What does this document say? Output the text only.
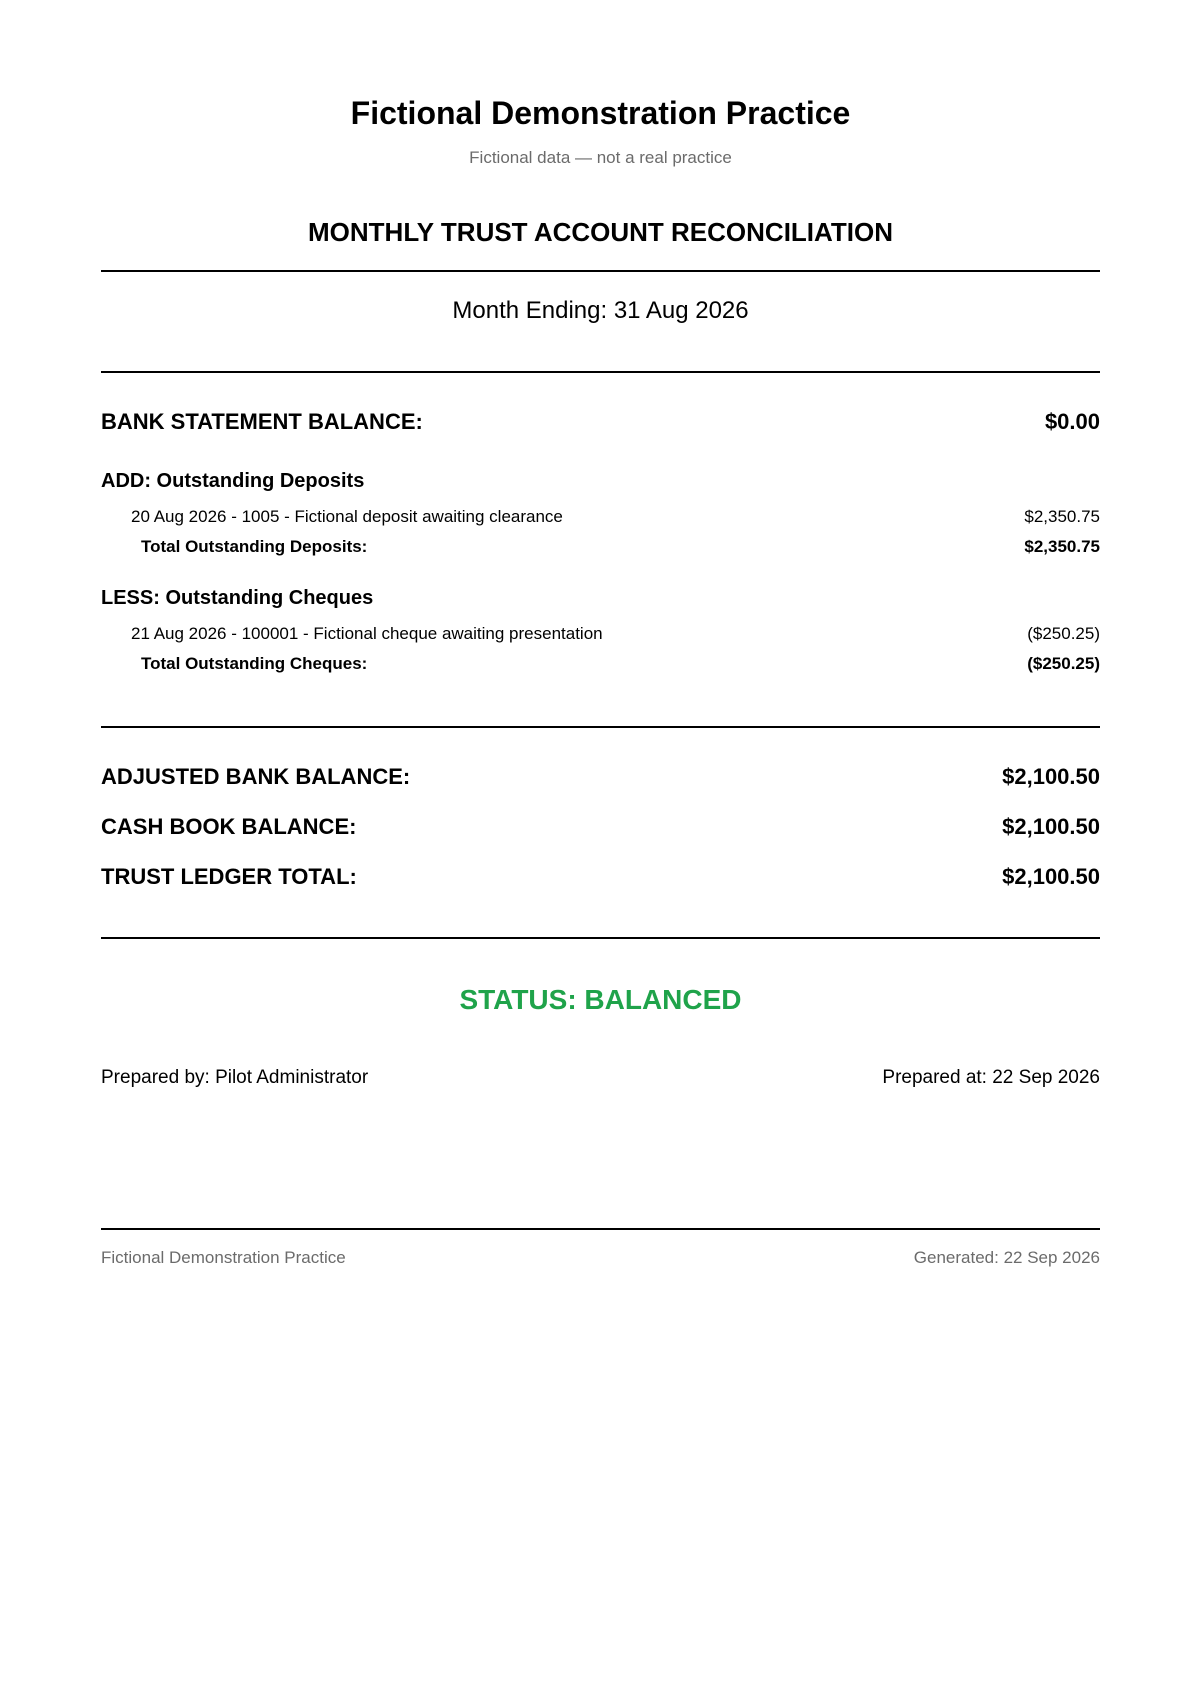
Fictional Demonstration Practice
Fictional data — not a real practice
MONTHLY TRUST ACCOUNT RECONCILIATION
Month Ending: 31 Aug 2026
BANK STATEMENT BALANCE:	$0.00
ADD: Outstanding Deposits
20 Aug 2026 - 1005 - Fictional deposit awaiting clearance	$2,350.75
Total Outstanding Deposits:	$2,350.75
LESS: Outstanding Cheques
21 Aug 2026 - 100001 - Fictional cheque awaiting presentation	($250.25)
Total Outstanding Cheques:	($250.25)
ADJUSTED BANK BALANCE:	$2,100.50
CASH BOOK BALANCE:	$2,100.50
TRUST LEDGER TOTAL:	$2,100.50
STATUS: BALANCED
Prepared by: Pilot Administrator	Prepared at: 22 Sep 2026
Fictional Demonstration Practice	Generated: 22 Sep 2026
